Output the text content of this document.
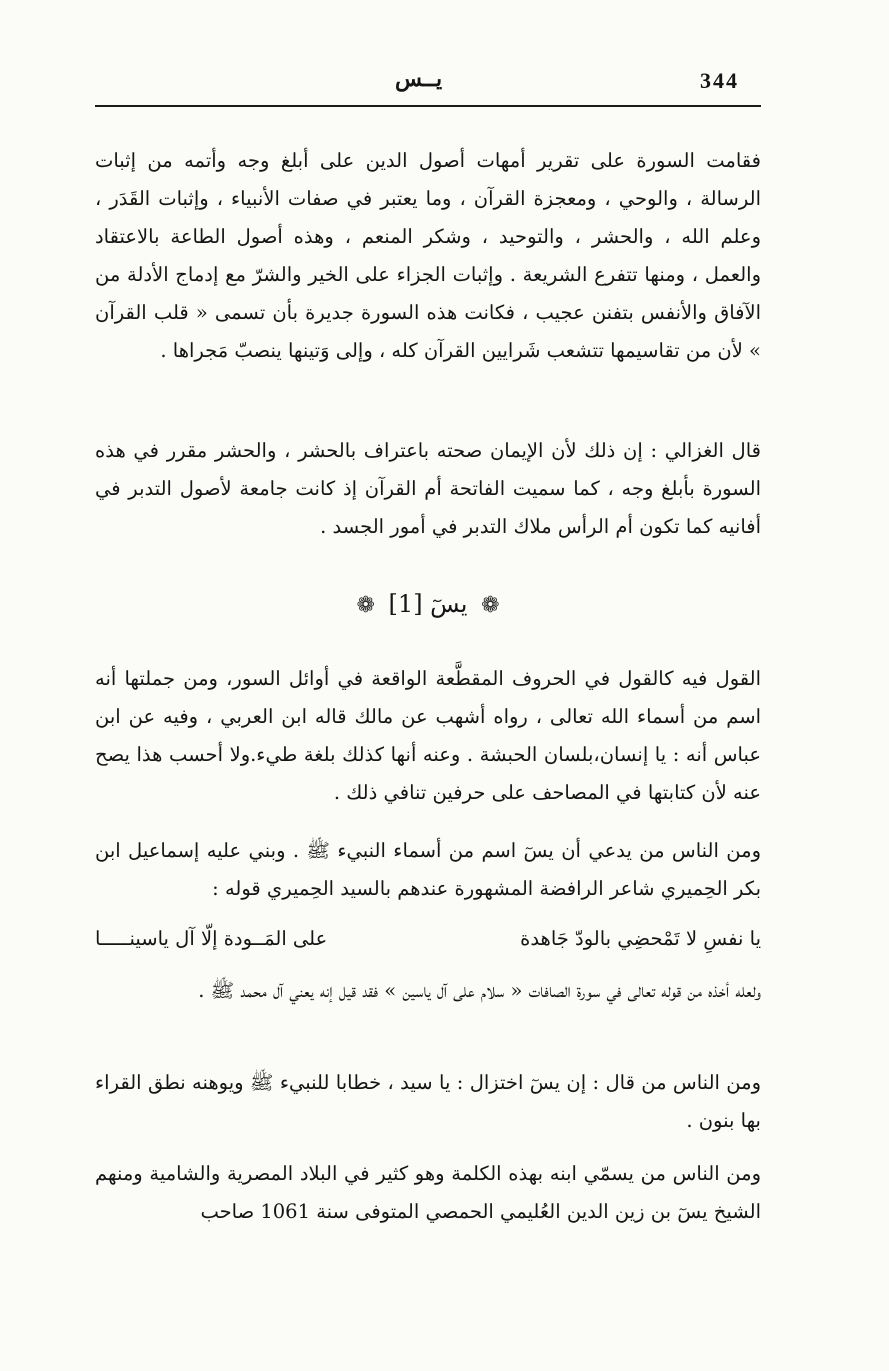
344
يــس

فقامت السورة على تقرير أمهات أصول الدين على أبلغ وجه وأتمه من إثبات الرسالة ، والوحي ، ومعجزة القرآن ، وما يعتبر في صفات الأنبياء ، وإثبات القَدَر ، وعلم الله ، والحشر ، والتوحيد ، وشكر المنعم ، وهذه أصول الطاعة بالاعتقاد والعمل ، ومنها تتفرع الشريعة . وإثبات الجزاء على الخير والشرّ مع إدماج الأدلة من الآفاق والأنفس بتفنن عجيب ، فكانت هذه السورة جديرة بأن تسمى « قلب القرآن » لأن من تقاسيمها تتشعب شَرايين القرآن كله ، وإلى وَتينها ينصبّ مَجراها .

قال الغزالي : إن ذلك لأن الإيمان صحته باعتراف بالحشر ، والحشر مقرر في هذه السورة بأبلغ وجه ، كما سميت الفاتحة أم القرآن إذ كانت جامعة لأصول التدبر في أفانيه كما تكون أم الرأس ملاك التدبر في أمور الجسد .

❁ يسٓ [1] ❁

القول فيه كالقول في الحروف المقطَّعة الواقعة في أوائل السور، ومن جملتها أنه اسم من أسماء الله تعالى ، رواه أشهب عن مالك قاله ابن العربي ، وفيه عن ابن عباس أنه : يا إنسان،بلسان الحبشة . وعنه أنها كذلك بلغة طيء.ولا أحسب هذا يصح عنه لأن كتابتها في المصاحف على حرفين تنافي ذلك .

ومن الناس من يدعي أن يسٓ اسم من أسماء النبيء ﷺ . وبني عليه إسماعيل ابن بكر الحِميري شاعر الرافضة المشهورة عندهم بالسيد الحِميري قوله :

يا نفسِ لا تَمْحضِي بالودّ جَاهدة
على المَــودة إلّا آل ياسينـــــا

ولعله أخذه من قوله تعالى في سورة الصافات « سلام على آل ياسين » فقد قيل إنه يعني آل محمد ﷺ .

ومن الناس من قال : إن يسٓ اختزال : يا سيد ، خطابا للنبيء ﷺ ويوهنه نطق القراء بها بنون .

ومن الناس من يسمّي ابنه بهذه الكلمة وهو كثير في البلاد المصرية والشامية ومنهم الشيخ يسٓ بن زين الدين العُليمي الحمصي المتوفى سنة 1061 صاحب
